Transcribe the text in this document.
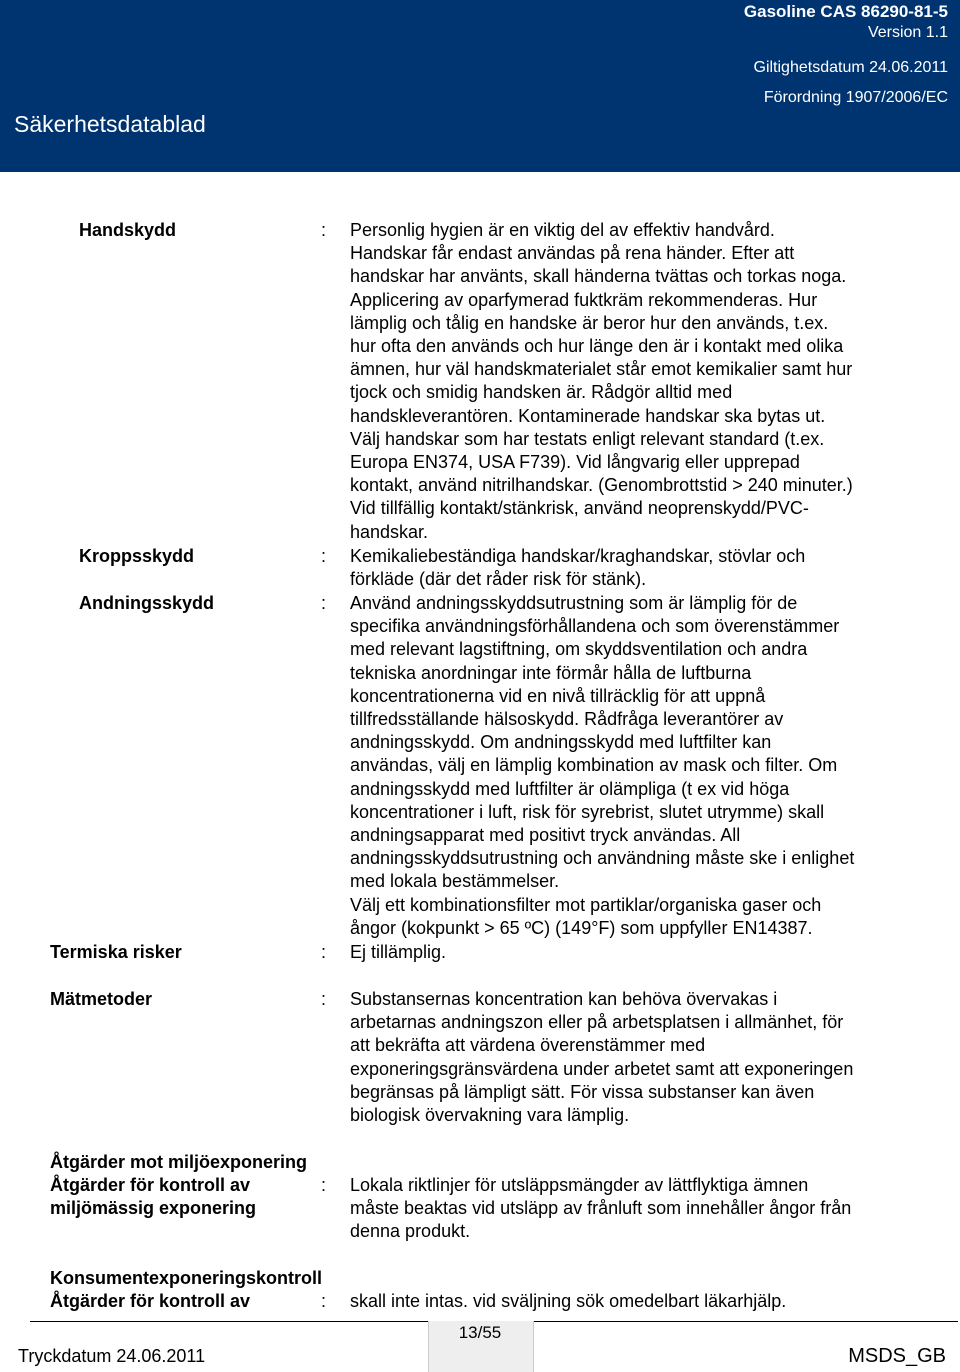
Säkerhetsdatablad
Gasoline CAS 86290-81-5
Version 1.1
Giltighetsdatum 24.06.2011
Förordning 1907/2006/EC
Handskydd	: Personlig hygien är en viktig del av effektiv handvård.
Handskar får endast användas på rena händer. Efter att
handskar har använts, skall händerna tvättas och torkas noga.
Applicering av oparfymerad fuktkräm rekommenderas. Hur
lämplig och tålig en handske är beror hur den används, t.ex.
hur ofta den används och hur länge den är i kontakt med olika
ämnen, hur väl handskmaterialet står emot kemikalier samt hur
tjock och smidig handsken är. Rådgör alltid med
handskleverantören. Kontaminerade handskar ska bytas ut.
Välj handskar som har testats enligt relevant standard (t.ex.
Europa EN374, USA F739). Vid långvarig eller upprepad
kontakt, använd nitrilhandskar. (Genombrottstid > 240 minuter.)
Vid tillfällig kontakt/stänkrisk, använd neoprenskydd/PVC-
handskar.
Kroppsskydd	: Kemikaliebeständiga handskar/kraghandskar, stövlar och
förkläde (där det råder risk för stänk).
Andningsskydd	: Använd andningsskyddsutrustning som är lämplig för de
specifika användningsförhållandena och som överenstämmer
med relevant lagstiftning, om skyddsventilation och andra
tekniska anordningar inte förmår hålla de luftburna
koncentrationerna vid en nivå tillräcklig för att uppnå
tillfredsställande hälsoskydd. Rådfråga leverantörer av
andningsskydd. Om andningsskydd med luftfilter kan
användas, välj en lämplig kombination av mask och filter. Om
andningsskydd med luftfilter är olämpliga (t ex vid höga
koncentrationer i luft, risk för syrebrist, slutet utrymme) skall
andningsapparat med positivt tryck användas. All
andningsskyddsutrustning och användning måste ske i enlighet
med lokala bestämmelser.
Välj ett kombinationsfilter mot partiklar/organiska gaser och
ångor (kokpunkt > 65 ºC) (149°F) som uppfyller EN14387.
Termiska risker	: Ej tillämplig.
Mätmetoder	: Substansernas koncentration kan behöva övervakas i
arbetarnas andningszon eller på arbetsplatsen i allmänhet, för
att bekräfta att värdena överenstämmer med
exponeringsgränsvärdena under arbetet samt att exponeringen
begränsas på lämpligt sätt. För vissa substanser kan även
biologisk övervakning vara lämplig.
Åtgärder mot miljöexponering
Åtgärder för kontroll av
miljömässig exponering
: Lokala riktlinjer för utsläppsmängder av lättflyktiga ämnen
måste beaktas vid utsläpp av frånluft som innehåller ångor från
denna produkt.
Konsumentexponeringskontroll
Åtgärder för kontroll av	: skall inte intas. vid sväljning sök omedelbart läkarhjälp.
13/55
Tryckdatum 24.06.2011	MSDS_GB
